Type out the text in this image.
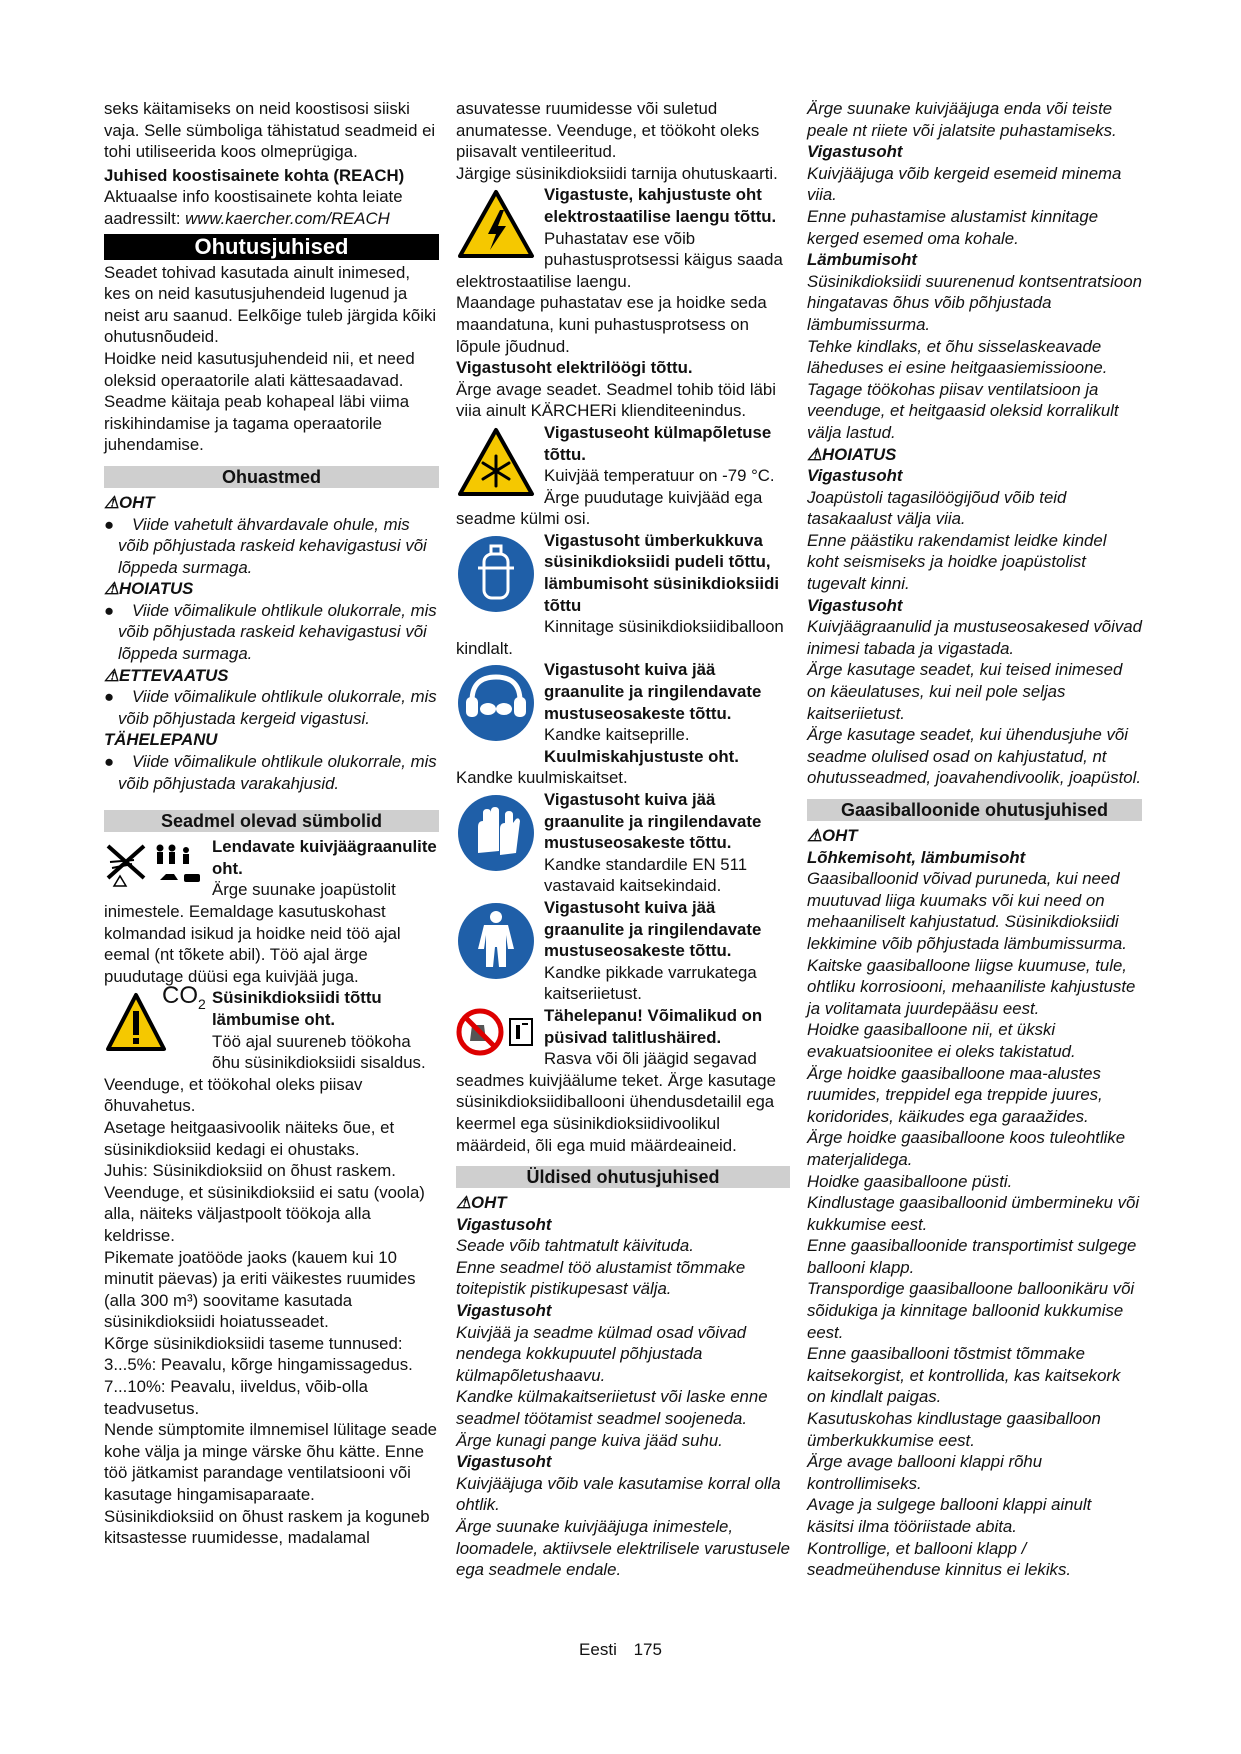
seks käitamiseks on neid koostisosi siiski vaja. Selle sümboliga tähistatud seadmeid ei tohi utiliseerida koos olmeprügiga.

Juhised koostisainete kohta (REACH)

Aktuaalse info koostisainete kohta leiate aadressilt: www.kaercher.com/REACH

Ohutusjuhised

Seadet tohivad kasutada ainult inimesed, kes on neid kasutusjuhendeid lugenud ja neist aru saanud. Eelkõige tuleb järgida kõiki ohutusnõudeid.

Hoidke neid kasutusjuhendeid nii, et need oleksid operaatorile alati kättesaadavad.

Seadme käitaja peab kohapeal läbi viima riskihindamise ja tagama operaatorile juhendamise.

Ohuastmed

⚠OHT

● Viide vahetult ähvardavale ohule, mis võib põhjustada raskeid kehavigastusi või lõppeda surmaga.

⚠HOIATUS

● Viide võimalikule ohtlikule olukorrale, mis võib põhjustada raskeid kehavigastusi või lõppeda surmaga.

⚠ETTEVAATUS

● Viide võimalikule ohtlikule olukorrale, mis võib põhjustada kergeid vigastusi.

TÄHELEPANU

● Viide võimalikule ohtlikule olukorrale, mis võib põhjustada varakahjusid.

Seadmel olevad sümbolid

Lendavate kuivjäägraanulite oht.

Ärge suunake joapüstolit inimestele. Eemaldage kasutuskohast kolmandad isikud ja hoidke neid töö ajal eemal (nt tõkete abil). Töö ajal ärge puudutage düüsi ega kuivjää juga.

$CO_2$ Süsinikdioksiidi tõttu lämbumise oht.

Töö ajal suureneb töökoha õhu süsinikdioksiidi sisaldus.

Veenduge, et töökohal oleks piisav õhuvahetus.

Asetage heitgaasivoolik näiteks õue, et süsinikdioksiid kedagi ei ohustaks.

Juhis: Süsinikdioksiid on õhust raskem. Veenduge, et süsinikdioksiid ei satu (voola) alla, näiteks väljastpoolt töökoja alla keldrisse.

Pikemate joatööde jaoks (kauem kui 10 minutit päevas) ja eriti väikestes ruumides (alla 300 m³) soovitame kasutada süsinikdioksiidi hoiatusseadet.

Kõrge süsinikdioksiidi taseme tunnused:

3...5%: Peavalu, kõrge hingamissagedus.

7...10%: Peavalu, iiveldus, võib-olla teadvusetus.

Nende sümptomite ilmnemisel lülitage seade kohe välja ja minge värske õhu kätte. Enne töö jätkamist parandage ventilatsiooni või kasutage hingamisaparaate.

Süsinikdioksiid on õhust raskem ja koguneb kitsastesse ruumidesse, madalamal

asuvatesse ruumidesse või suletud anumatesse. Veenduge, et töökoht oleks piisavalt ventileeritud.

Järgige süsinikdioksiidi tarnija ohutuskaarti.

Vigastuste, kahjustuste oht elektrostaatilise laengu tõttu.

Puhastatav ese võib puhastusprotsessi käigus saada elektrostaatilise laengu.

Maandage puhastatav ese ja hoidke seda maandatuna, kuni puhastusprotsess on lõpule jõudnud.

Vigastusoht elektrilöögi tõttu.

Ärge avage seadet. Seadmel tohib töid läbi viia ainult KÄRCHERi klienditeenindus.

Vigastuseoht külmapõletuse tõttu.

Kuivjää temperatuur on -79 °C. Ärge puudutage kuivjääd ega seadme külmi osi.

Vigastusoht ümberkukkuva süsinikdioksiidi pudeli tõttu, lämbumisoht süsinikdioksiidi tõttu

Kinnitage süsinikdioksiidiballoon kindlalt.

Vigastusoht kuiva jää graanulite ja ringilendavate mustuseosakeste tõttu.

Kandke kaitseprille.

Kuulmiskahjustuste oht.

Kandke kuulmiskaitset.

Vigastusoht kuiva jää graanulite ja ringilendavate mustuseosakeste tõttu.

Kandke standardile EN 511 vastavaid kaitsekindaid.

Vigastusoht kuiva jää graanulite ja ringilendavate mustuseosakeste tõttu.

Kandke pikkade varrukatega kaitseriietust.

Tähelepanu! Võimalikud on püsivad talitlushäired.

Rasva või õli jäägid segavad seadmes kuivjäälume teket. Ärge kasutage süsinikdioksiidiballooni ühendusdetailil ega keermel ega süsinikdioksiidivoolikul määrdeid, õli ega muid määrdeaineid.

Üldised ohutusjuhised

⚠OHT

Vigastusoht

Seade võib tahtmatult käivituda.

Enne seadmel töö alustamist tõmmake toitepistik pistikupesast välja.

Vigastusoht

Kuivjää ja seadme külmad osad võivad nendega kokkupuutel põhjustada külmapõletushaavu.

Kandke külmakaitseriietust või laske enne seadmel töötamist seadmel soojeneda.

Ärge kunagi pange kuiva jääd suhu.

Vigastusoht

Kuivjääjuga võib vale kasutamise korral olla ohtlik.

Ärge suunake kuivjääjuga inimestele, loomadele, aktiivsele elektrilisele varustusele ega seadmele endale.

Ärge suunake kuivjääjuga enda või teiste peale nt riiete või jalatsite puhastamiseks.

Vigastusoht

Kuivjääjuga võib kergeid esemeid minema viia.

Enne puhastamise alustamist kinnitage kerged esemed oma kohale.

Lämbumisoht

Süsinikdioksiidi suurenenud kontsentratsioon hingatavas õhus võib põhjustada lämbumissurma.

Tehke kindlaks, et õhu sisselaskeavade läheduses ei esine heitgaasiemissioone.

Tagage töökohas piisav ventilatsioon ja veenduge, et heitgaasid oleksid korralikult välja lastud.

⚠HOIATUS

Vigastusoht

Joapüstoli tagasilöögijõud võib teid tasakaalust välja viia.

Enne päästiku rakendamist leidke kindel koht seismiseks ja hoidke joapüstolist tugevalt kinni.

Vigastusoht

Kuivjäägraanulid ja mustuseosakesed võivad inimesi tabada ja vigastada.

Ärge kasutage seadet, kui teised inimesed on käeulatuses, kui neil pole seljas kaitseriietust.

Ärge kasutage seadet, kui ühendusjuhe või seadme olulised osad on kahjustatud, nt ohutusseadmed, joavahendivoolik, joapüstol.

Gaasiballoonide ohutusjuhised

⚠OHT

Lõhkemisoht, lämbumisoht

Gaasiballoonid võivad puruneda, kui need muutuvad liiga kuumaks või kui need on mehaaniliselt kahjustatud. Süsinikdioksiidi lekkimine võib põhjustada lämbumissurma.

Kaitske gaasiballoone liigse kuumuse, tule, ohtliku korrosiooni, mehaaniliste kahjustuste ja volitamata juurdepääsu eest.

Hoidke gaasiballoone nii, et ükski evakuatsioonitee ei oleks takistatud.

Ärge hoidke gaasiballoone maa-alustes ruumides, treppidel ega treppide juures, koridorides, käikudes ega garaažides.

Ärge hoidke gaasiballoone koos tuleohtlike materjalidega.

Hoidke gaasiballoone püsti.

Kindlustage gaasiballoonid ümbermineku või kukkumise eest.

Enne gaasiballoonide transportimist sulgege ballooni klapp.

Transpordige gaasiballoone balloonikäru või sõidukiga ja kinnitage balloonid kukkumise eest.

Enne gaasiballooni tõstmist tõmmake kaitsekorgist, et kontrollida, kas kaitsekork on kindlalt paigas.

Kasutuskohas kindlustage gaasiballoon ümberkukkumise eest.

Ärge avage ballooni klappi rõhu kontrollimiseks.

Avage ja sulgege ballooni klappi ainult käsitsi ilma tööriistade abita.

Kontrollige, et ballooni klapp / seadmeühenduse kinnitus ei lekiks.

Eesti 175
